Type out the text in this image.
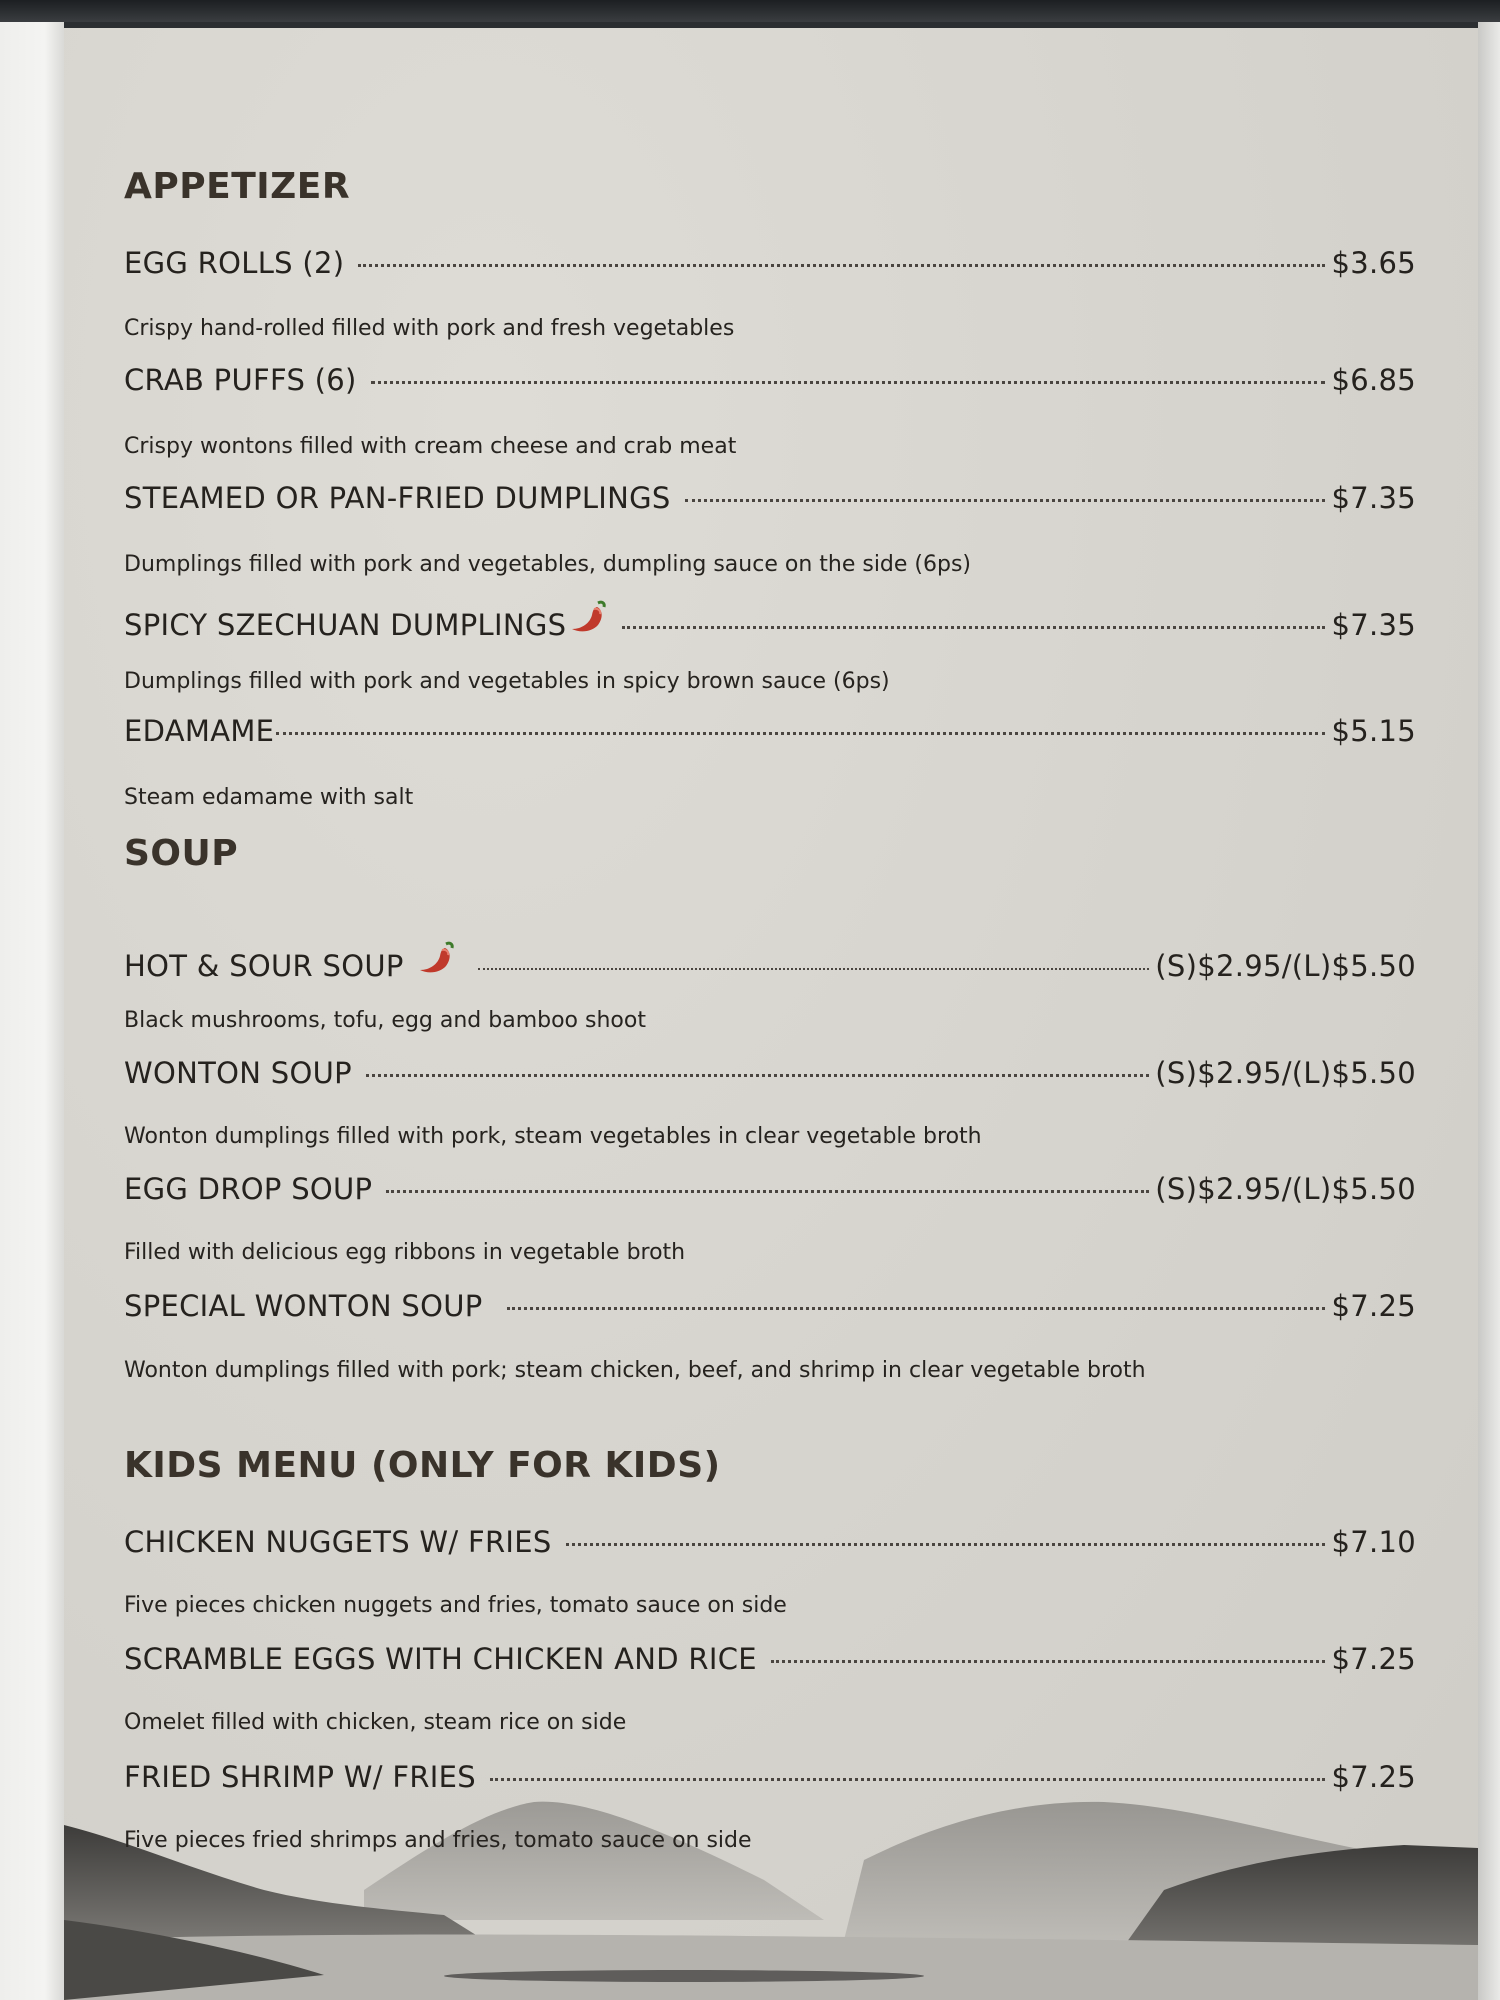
APPETIZER
EGG ROLLS (2)	$3.65
Crispy hand-rolled filled with pork and fresh vegetables
CRAB PUFFS (6)	$6.85
Crispy wontons filled with cream cheese and crab meat
STEAMED OR PAN-FRIED DUMPLINGS	$7.35
Dumplings filled with pork and vegetables, dumpling sauce on the side (6ps)
SPICY SZECHUAN DUMPLINGS	$7.35
Dumplings filled with pork and vegetables in spicy brown sauce (6ps)
EDAMAME	$5.15
Steam edamame with salt
SOUP
HOT & SOUR SOUP	(S)$2.95/(L)$5.50
Black mushrooms, tofu, egg and bamboo shoot
WONTON SOUP	(S)$2.95/(L)$5.50
Wonton dumplings filled with pork, steam vegetables in clear vegetable broth
EGG DROP SOUP	(S)$2.95/(L)$5.50
Filled with delicious egg ribbons in vegetable broth
SPECIAL WONTON SOUP	$7.25
Wonton dumplings filled with pork; steam chicken, beef, and shrimp in clear vegetable broth
KIDS MENU (ONLY FOR KIDS)
CHICKEN NUGGETS W/ FRIES	$7.10
Five pieces chicken nuggets and fries, tomato sauce on side
SCRAMBLE EGGS WITH CHICKEN AND RICE	$7.25
Omelet filled with chicken, steam rice on side
FRIED SHRIMP W/ FRIES	$7.25
Five pieces fried shrimps and fries, tomato sauce on side
